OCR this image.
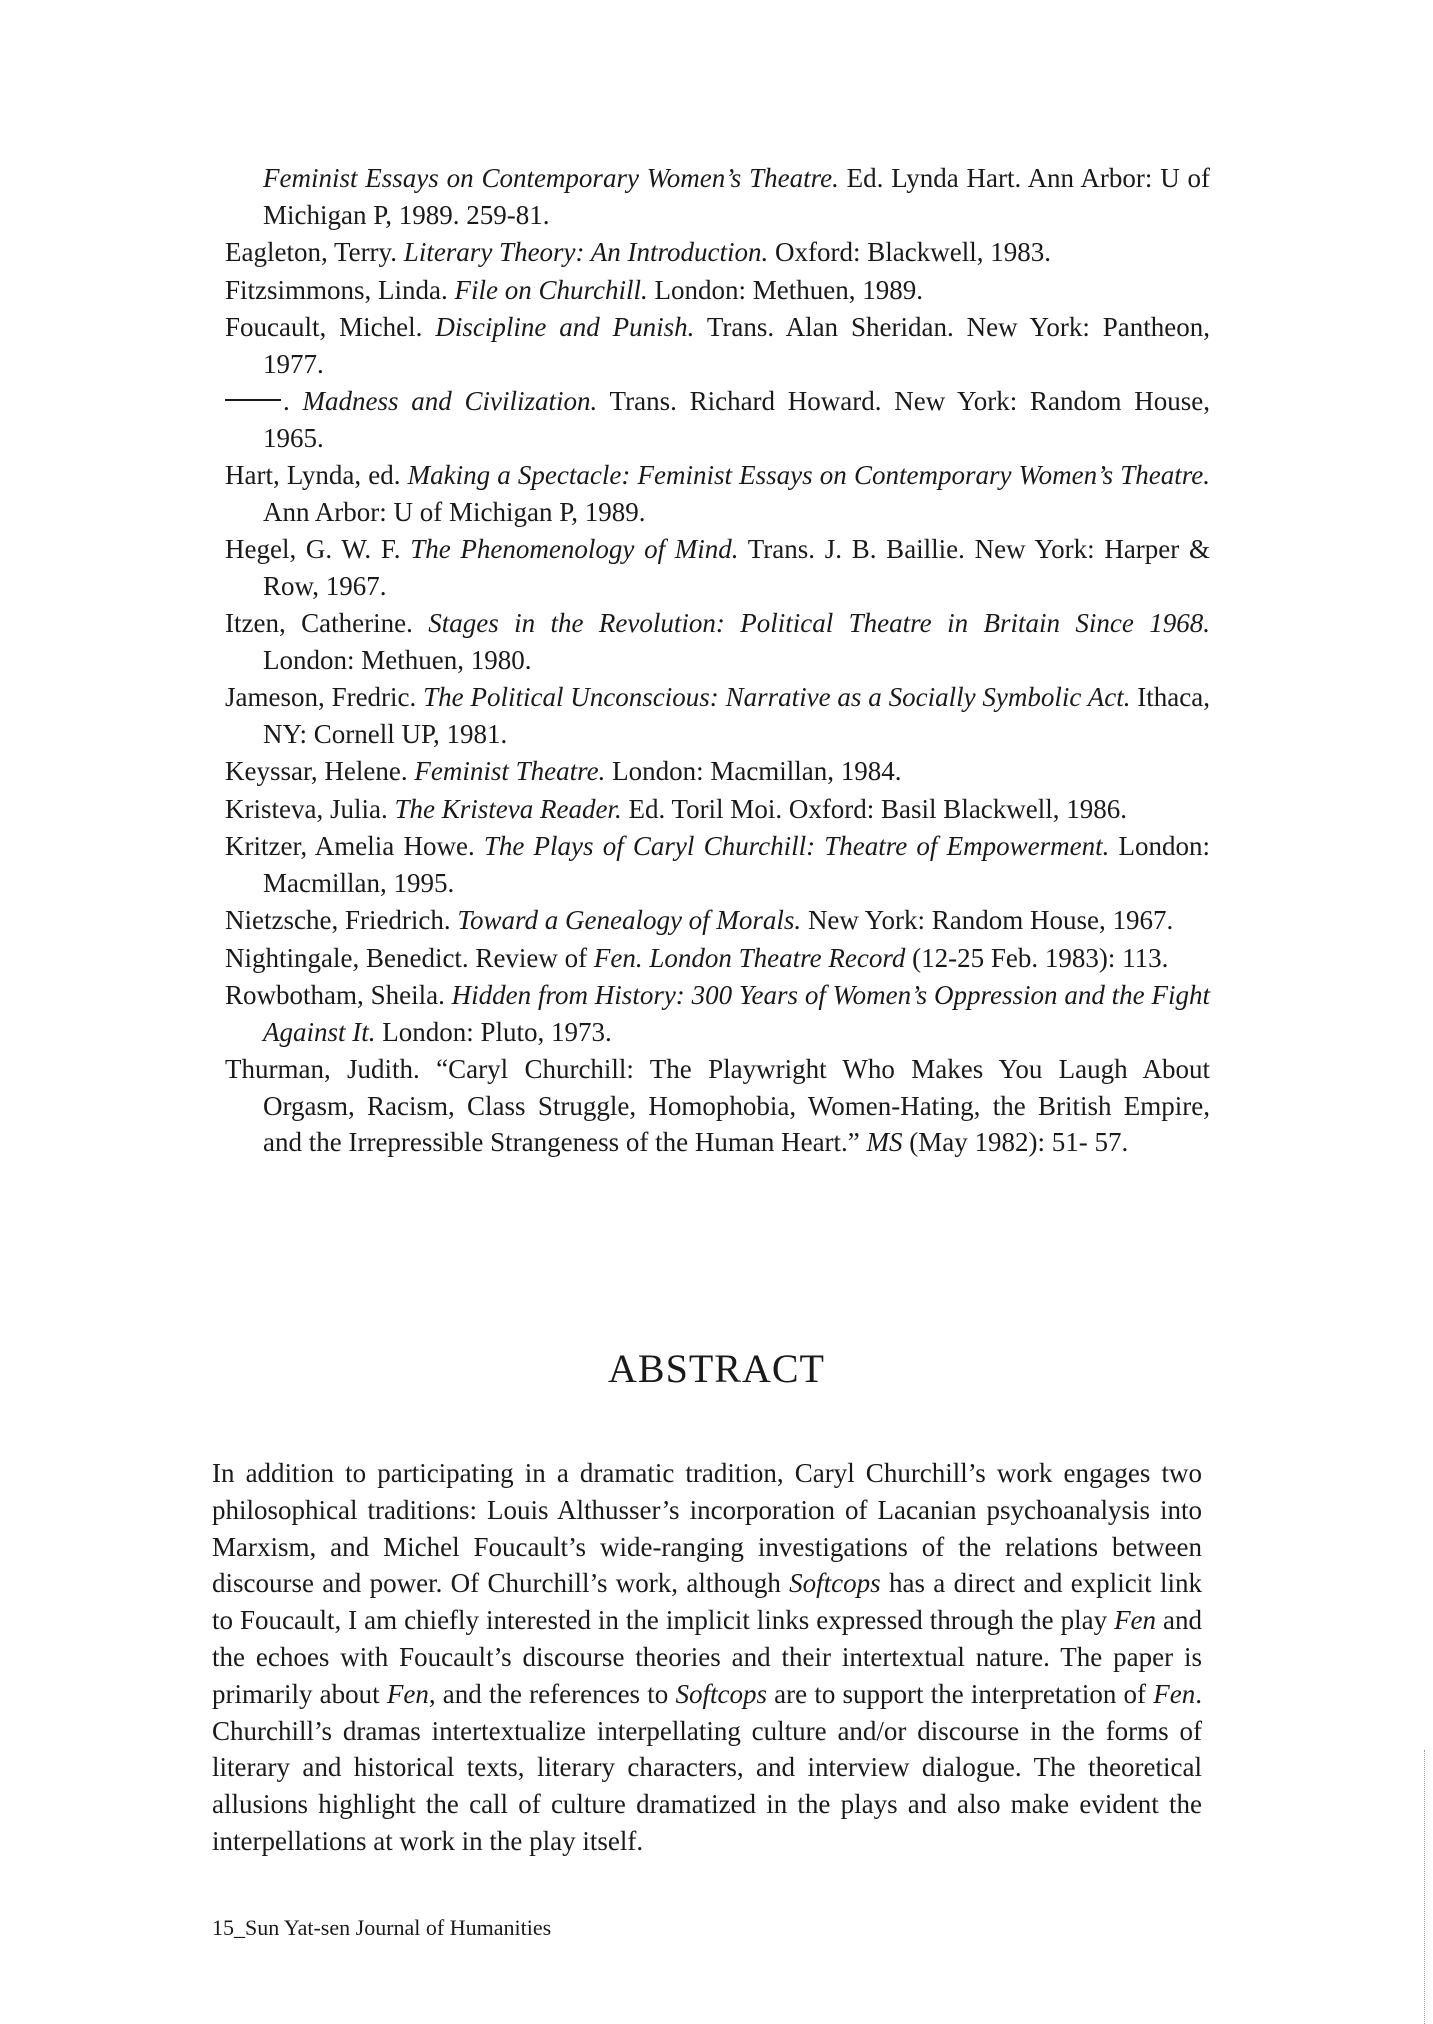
Feminist Essays on Contemporary Women’s Theatre. Ed. Lynda Hart. Ann Arbor: U of Michigan P, 1989. 259-81.

Eagleton, Terry. Literary Theory: An Introduction. Oxford: Blackwell, 1983.

Fitzsimmons, Linda. File on Churchill. London: Methuen, 1989.

Foucault, Michel. Discipline and Punish. Trans. Alan Sheridan. New York: Pantheon, 1977.

. Madness and Civilization. Trans. Richard Howard. New York: Random House, 1965.

Hart, Lynda, ed. Making a Spectacle: Feminist Essays on Contemporary Women’s Theatre. Ann Arbor: U of Michigan P, 1989.

Hegel, G. W. F. The Phenomenology of Mind. Trans. J. B. Baillie. New York: Harper & Row, 1967.

Itzen, Catherine. Stages in the Revolution: Political Theatre in Britain Since 1968. London: Methuen, 1980.

Jameson, Fredric. The Political Unconscious: Narrative as a Socially Symbolic Act. Ithaca, NY: Cornell UP, 1981.

Keyssar, Helene. Feminist Theatre. London: Macmillan, 1984.

Kristeva, Julia. The Kristeva Reader. Ed. Toril Moi. Oxford: Basil Blackwell, 1986.

Kritzer, Amelia Howe. The Plays of Caryl Churchill: Theatre of Empowerment. London: Macmillan, 1995.

Nietzsche, Friedrich. Toward a Genealogy of Morals. New York: Random House, 1967.

Nightingale, Benedict. Review of Fen. London Theatre Record (12-25 Feb. 1983): 113.

Rowbotham, Sheila. Hidden from History: 300 Years of Women’s Oppression and the Fight Against It. London: Pluto, 1973.

Thurman, Judith. “Caryl Churchill: The Playwright Who Makes You Laugh About Orgasm, Racism, Class Struggle, Homophobia, Women-Hating, the British Empire, and the Irrepressible Strangeness of the Human Heart.” MS (May 1982): 51- 57.

ABSTRACT

In addition to participating in a dramatic tradition, Caryl Churchill’s work engages two philosophical traditions: Louis Althusser’s incorporation of Lacanian psychoanalysis into Marxism, and Michel Foucault’s wide-ranging investigations of the relations between discourse and power. Of Churchill’s work, although Softcops has a direct and explicit link to Foucault, I am chiefly interested in the implicit links expressed through the play Fen and the echoes with Foucault’s discourse theories and their intertextual nature. The paper is primarily about Fen, and the references to Softcops are to support the interpretation of Fen. Churchill’s dramas intertextualize interpellating culture and/or discourse in the forms of literary and historical texts, literary characters, and interview dialogue. The theoretical allusions highlight the call of culture dramatized in the plays and also make evident the interpellations at work in the play itself.

15_Sun Yat-sen Journal of Humanities
